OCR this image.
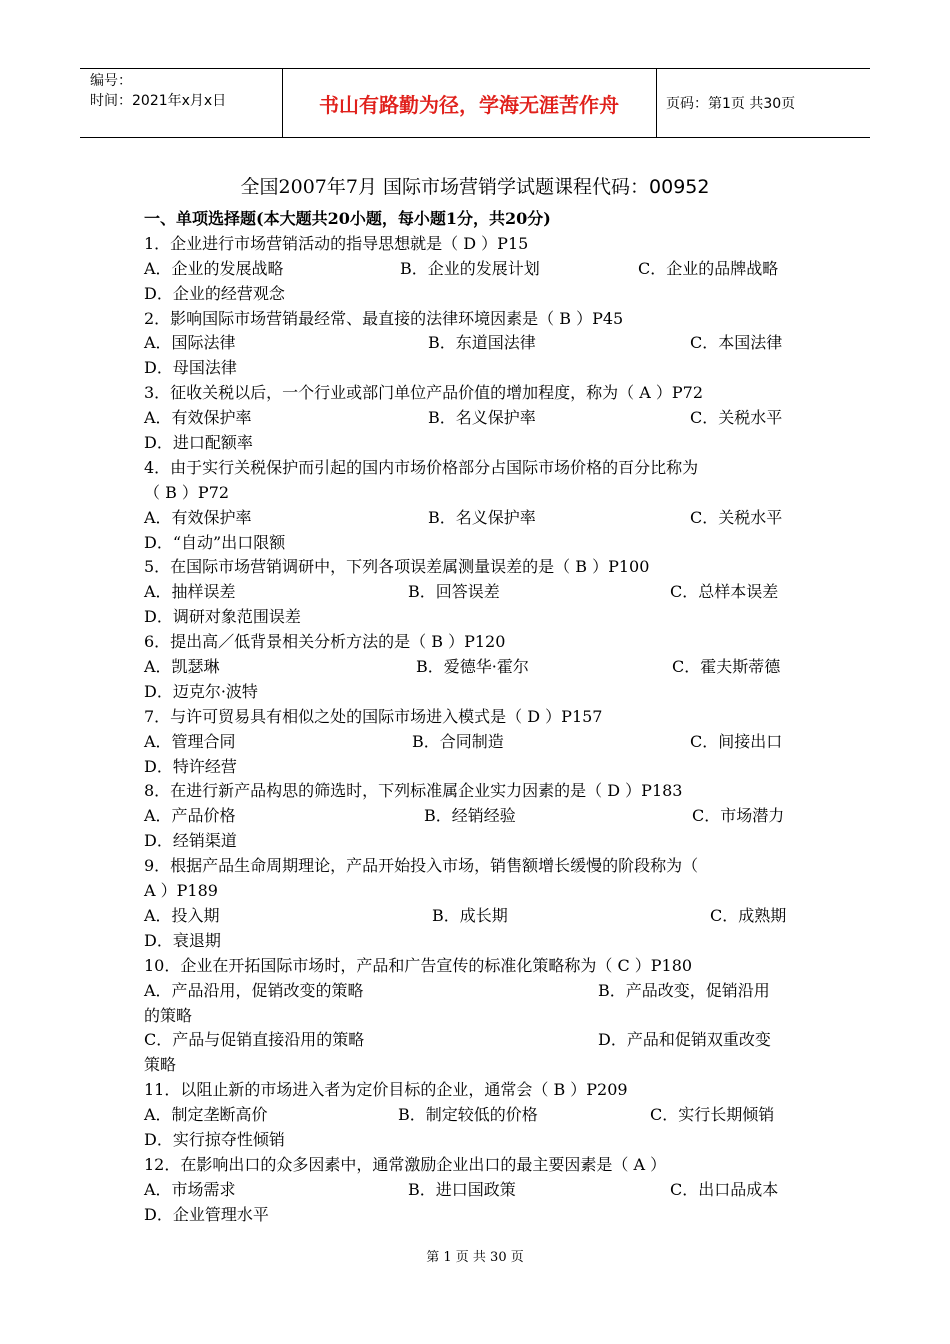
编号：
时间：2021年x月x日	书山有路勤为径，学海无涯苦作舟	页码：第1页 共30页
全国2007年7月 国际市场营销学试题课程代码：00952
一、单项选择题(本大题共20小题，每小题1分，共20分)
1．企业进行市场营销活动的指导思想就是（ D ）P15
A．企业的发展战略	B．企业的发展计划	C．企业的品牌战略
D．企业的经营观念
2．影响国际市场营销最经常、最直接的法律环境因素是（ B ）P45
A．国际法律	B．东道国法律	C．本国法律
D．母国法律
3．征收关税以后，一个行业或部门单位产品价值的增加程度，称为（ A ）P72
A．有效保护率	B．名义保护率	C．关税水平
D．进口配额率
4．由于实行关税保护而引起的国内市场价格部分占国际市场价格的百分比称为
（ B ）P72
A．有效保护率	B．名义保护率	C．关税水平
D．“自动”出口限额
5．在国际市场营销调研中，下列各项误差属测量误差的是（ B ）P100
A．抽样误差	B．回答误差	C．总样本误差
D．调研对象范围误差
6．提出高／低背景相关分析方法的是（ B ）P120
A．凯瑟琳	B．爱德华·霍尔	C．霍夫斯蒂德
D．迈克尔·波特
7．与许可贸易具有相似之处的国际市场进入模式是（ D ）P157
A．管理合同	B．合同制造	C．间接出口
D．特许经营
8．在进行新产品构思的筛选时，下列标准属企业实力因素的是（ D ）P183
A．产品价格	B．经销经验	C．市场潜力
D．经销渠道
9．根据产品生命周期理论，产品开始投入市场，销售额增长缓慢的阶段称为（
A ）P189
A．投入期	B．成长期	C．成熟期
D．衰退期
10．企业在开拓国际市场时，产品和广告宣传的标准化策略称为（ C ）P180
A．产品沿用，促销改变的策略	B．产品改变，促销沿用
的策略
C．产品与促销直接沿用的策略	D．产品和促销双重改变
策略
11．以阻止新的市场进入者为定价目标的企业，通常会（ B ）P209
A．制定垄断高价	B．制定较低的价格	C．实行长期倾销
D．实行掠夺性倾销
12．在影响出口的众多因素中，通常激励企业出口的最主要因素是（ A ）
A．市场需求	B．进口国政策	C．出口品成本
D．企业管理水平
第 1 页 共 30 页
